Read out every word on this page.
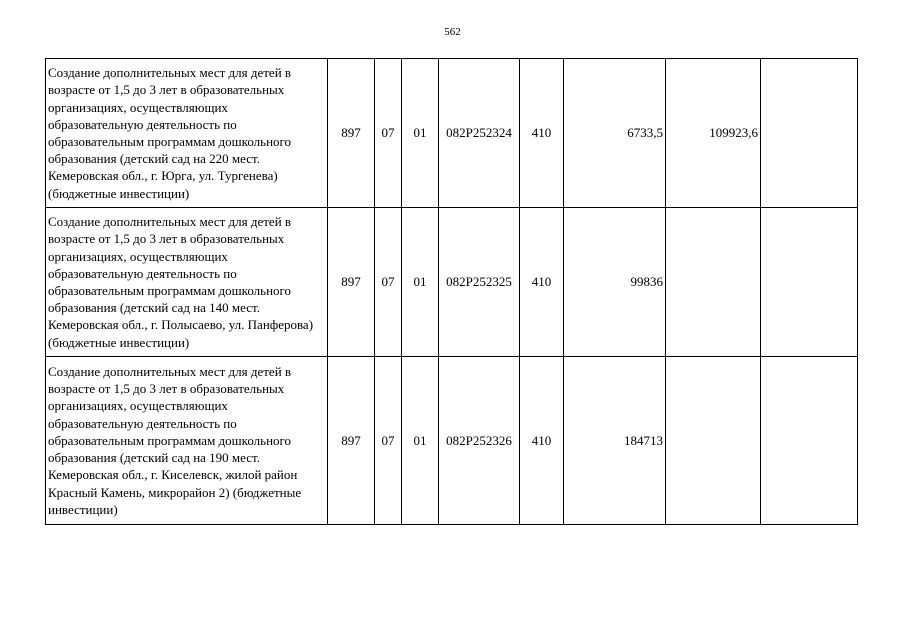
562
Создание дополнительных мест для детей в возрасте от 1,5 до 3 лет в образовательных организациях, осуществляющих образовательную деятельность по образовательным программам дошкольного образования (детский сад на 220 мест. Кемеровская обл., г. Юрга, ул. Тургенева) (бюджетные инвестиции)	897	07	01	082P252324	410	6733,5	109923,6	
Создание дополнительных мест для детей в возрасте от 1,5 до 3 лет в образовательных организациях, осуществляющих образовательную деятельность по образовательным программам дошкольного образования (детский сад на 140 мест. Кемеровская обл., г. Полысаево, ул. Панферова) (бюджетные инвестиции)	897	07	01	082P252325	410	99836		
Создание дополнительных мест для детей в возрасте от 1,5 до 3 лет в образовательных организациях, осуществляющих образовательную деятельность по образовательным программам дошкольного образования (детский сад на 190 мест. Кемеровская обл., г. Киселевск, жилой район Красный Камень, микрорайон 2) (бюджетные инвестиции)	897	07	01	082P252326	410	184713		
